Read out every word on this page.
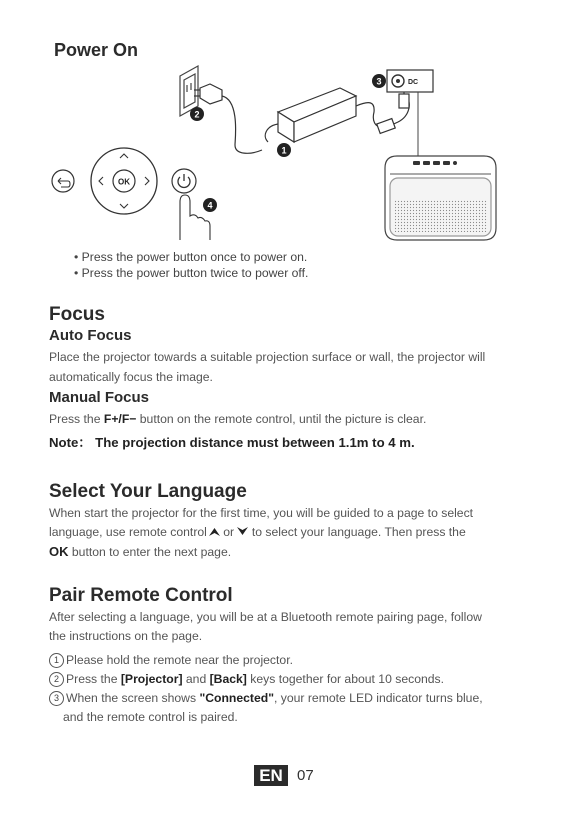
Power On
DC
OK
1
2
3
4
• Press the power button once to power on.
• Press the power button twice to power off.
Focus
Auto Focus
Place the projector towards a suitable projection surface or wall, the projector will
automatically focus the image.
Manual Focus
Press the F+/F− button on the remote control, until the picture is clear.
Note： The projection distance must between 1.1m to 4 m.
Select Your Language
When start the projector for the first time, you will be guided to a page to select
language, use remote control or  to select your language. Then press the
OK button to enter the next page.
Pair Remote Control
After selecting a language, you will be at a Bluetooth remote pairing page, follow
the instructions on the page.
1 Please hold the remote near the projector.
2 Press the [Projector] and [Back] keys together for about 10 seconds.
3 When the screen shows "Connected", your remote LED indicator turns blue,
and the remote control is paired.
EN 07
